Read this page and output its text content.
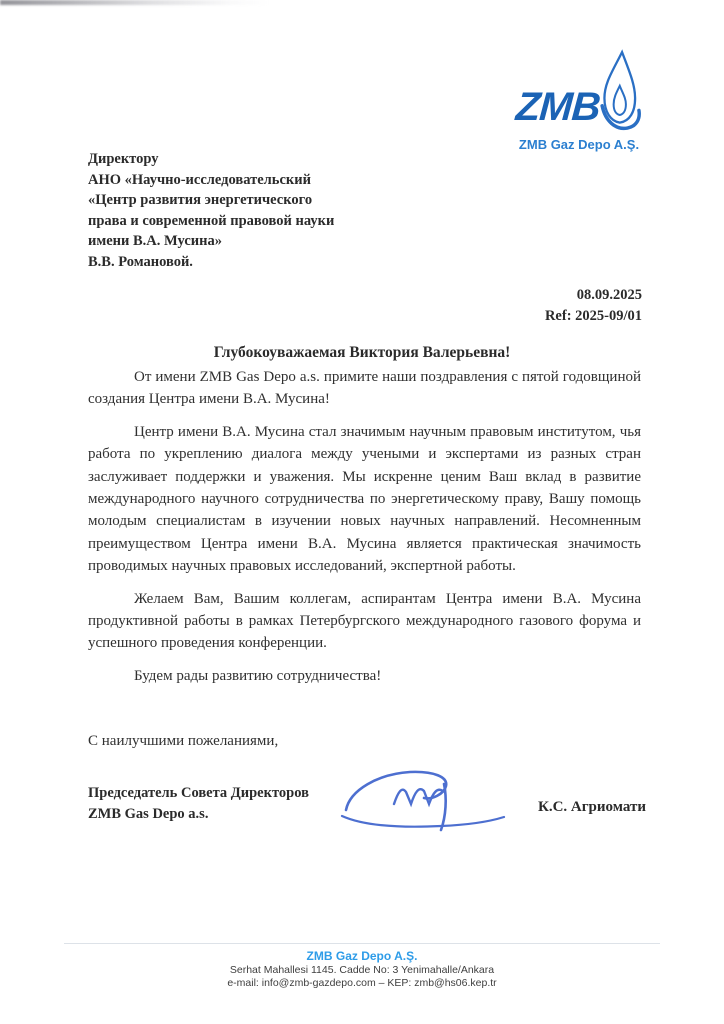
ZMB
ZMB Gaz Depo A.Ş.
Директору
АНО «Научно-исследовательский
«Центр развития энергетического
права и современной правовой науки
имени В.А. Мусина»
В.В. Романовой.
08.09.2025
Ref: 2025-09/01
Глубокоуважаемая Виктория Валерьевна!

От имени ZMB Gas Depo a.s. примите наши поздравления с пятой годовщиной создания Центра имени В.А. Мусина!

Центр имени В.А. Мусина стал значимым научным правовым институтом, чья работа по укреплению диалога между учеными и экспертами из разных стран заслуживает поддержки и уважения. Мы искренне ценим Ваш вклад в развитие международного научного сотрудничества по энергетическому праву, Вашу помощь молодым специалистам в изучении новых научных направлений. Несомненным преимуществом Центра имени В.А. Мусина является практическая значимость проводимых научных правовых исследований, экспертной работы.

Желаем Вам, Вашим коллегам, аспирантам Центра имени В.А. Мусина продуктивной работы в рамках Петербургского международного газового форума и успешного проведения конференции.

Будем рады развитию сотрудничества!

С наилучшими пожеланиями,
Председатель Совета Директоров
ZMB Gas Depo a.s.	К.С. Агриомати
ZMB Gaz Depo A.Ş.
Serhat Mahallesi 1145. Cadde No: 3 Yenimahalle/Ankara
e-mail: info@zmb-gazdepo.com – KEP: zmb@hs06.kep.tr
